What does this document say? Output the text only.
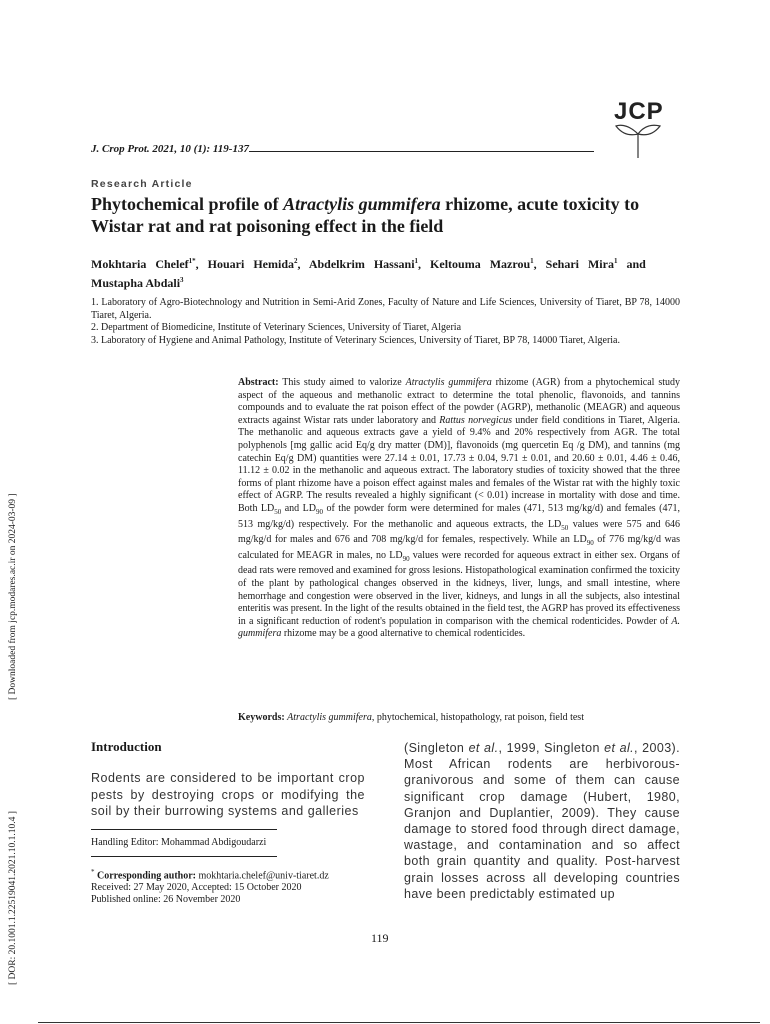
JCP
J. Crop Prot. 2021, 10 (1): 119-137
Research Article
Phytochemical profile of Atractylis gummifera rhizome, acute toxicity to Wistar rat and rat poisoning effect in the field
Mokhtaria Chelef$^{1*}$, Houari Hemida$^2$, Abdelkrim Hassani$^1$, Keltouma Mazrou$^1$, Sehari Mira$^1$ and Mustapha Abdali$^3$
1. Laboratory of Agro-Biotechnology and Nutrition in Semi-Arid Zones, Faculty of Nature and Life Sciences, University of Tiaret, BP 78, 14000 Tiaret, Algeria.
2. Department of Biomedicine, Institute of Veterinary Sciences, University of Tiaret, Algeria
3. Laboratory of Hygiene and Animal Pathology, Institute of Veterinary Sciences, University of Tiaret, BP 78, 14000 Tiaret, Algeria.
Abstract: This study aimed to valorize Atractylis gummifera rhizome (AGR) from a phytochemical study aspect of the aqueous and methanolic extract to determine the total phenolic, flavonoids, and tannins compounds and to evaluate the rat poison effect of the powder (AGRP), methanolic (MEAGR) and aqueous extracts against Wistar rats under laboratory and Rattus norvegicus under field conditions in Tiaret, Algeria. The methanolic and aqueous extracts gave a yield of 9.4% and 20% respectively from AGR. The total polyphenols [mg gallic acid Eq/g dry matter (DM)], flavonoids (mg quercetin Eq /g DM), and tannins (mg catechin Eq/g DM) quantities were 27.14 ± 0.01, 17.73 ± 0.04, 9.71 ± 0.01, and 20.60 ± 0.01, 4.46 ± 0.46, 11.12 ± 0.02 in the methanolic and aqueous extract. The laboratory studies of toxicity showed that the three forms of plant rhizome have a poison effect against males and females of the Wistar rat with the highly toxic effect of AGRP. The results revealed a highly significant (< 0.01) increase in mortality with dose and time. Both $LD_{50}$ and $LD_{90}$ of the powder form were determined for males (471, 513 mg/kg/d) and females (471, 513 mg/kg/d) respectively. For the methanolic and aqueous extracts, the $LD_{50}$ values were 575 and 646 mg/kg/d for males and 676 and 708 mg/kg/d for females, respectively. While an $LD_{90}$ of 776 mg/kg/d was calculated for MEAGR in males, no $LD_{90}$ values were recorded for aqueous extract in either sex. Organs of dead rats were removed and examined for gross lesions. Histopathological examination confirmed the toxicity of the plant by pathological changes observed in the kidneys, liver, lungs, and small intestine, where hemorrhage and congestion were observed in the liver, kidneys, and lungs in all the subjects, also intestinal enteritis was present. In the light of the results obtained in the field test, the AGRP has proved its effectiveness in a significant reduction of rodent's population in comparison with the chemical rodenticides. Powder of A. gummifera rhizome may be a good alternative to chemical rodenticides.
Keywords: Atractylis gummifera, phytochemical, histopathology, rat poison, field test
Introduction
Rodents are considered to be important crop pests by destroying crops or modifying the soil by their burrowing systems and galleries
Handling Editor: Mohammad Abdigoudarzi
* Corresponding author: mokhtaria.chelef@univ-tiaret.dz
Received: 27 May 2020, Accepted: 15 October 2020
Published online: 26 November 2020
(Singleton et al., 1999, Singleton et al., 2003). Most African rodents are herbivorous-granivorous and some of them can cause significant crop damage (Hubert, 1980, Granjon and Duplantier, 2009). They cause damage to stored food through direct damage, wastage, and contamination and so affect both grain quantity and quality. Post-harvest grain losses across all developing countries have been predictably estimated up
119
[ Downloaded from jcp.modares.ac.ir on 2024-03-09 ]
[ DOR: 20.1001.1.22519041.2021.10.1.10.4 ]
